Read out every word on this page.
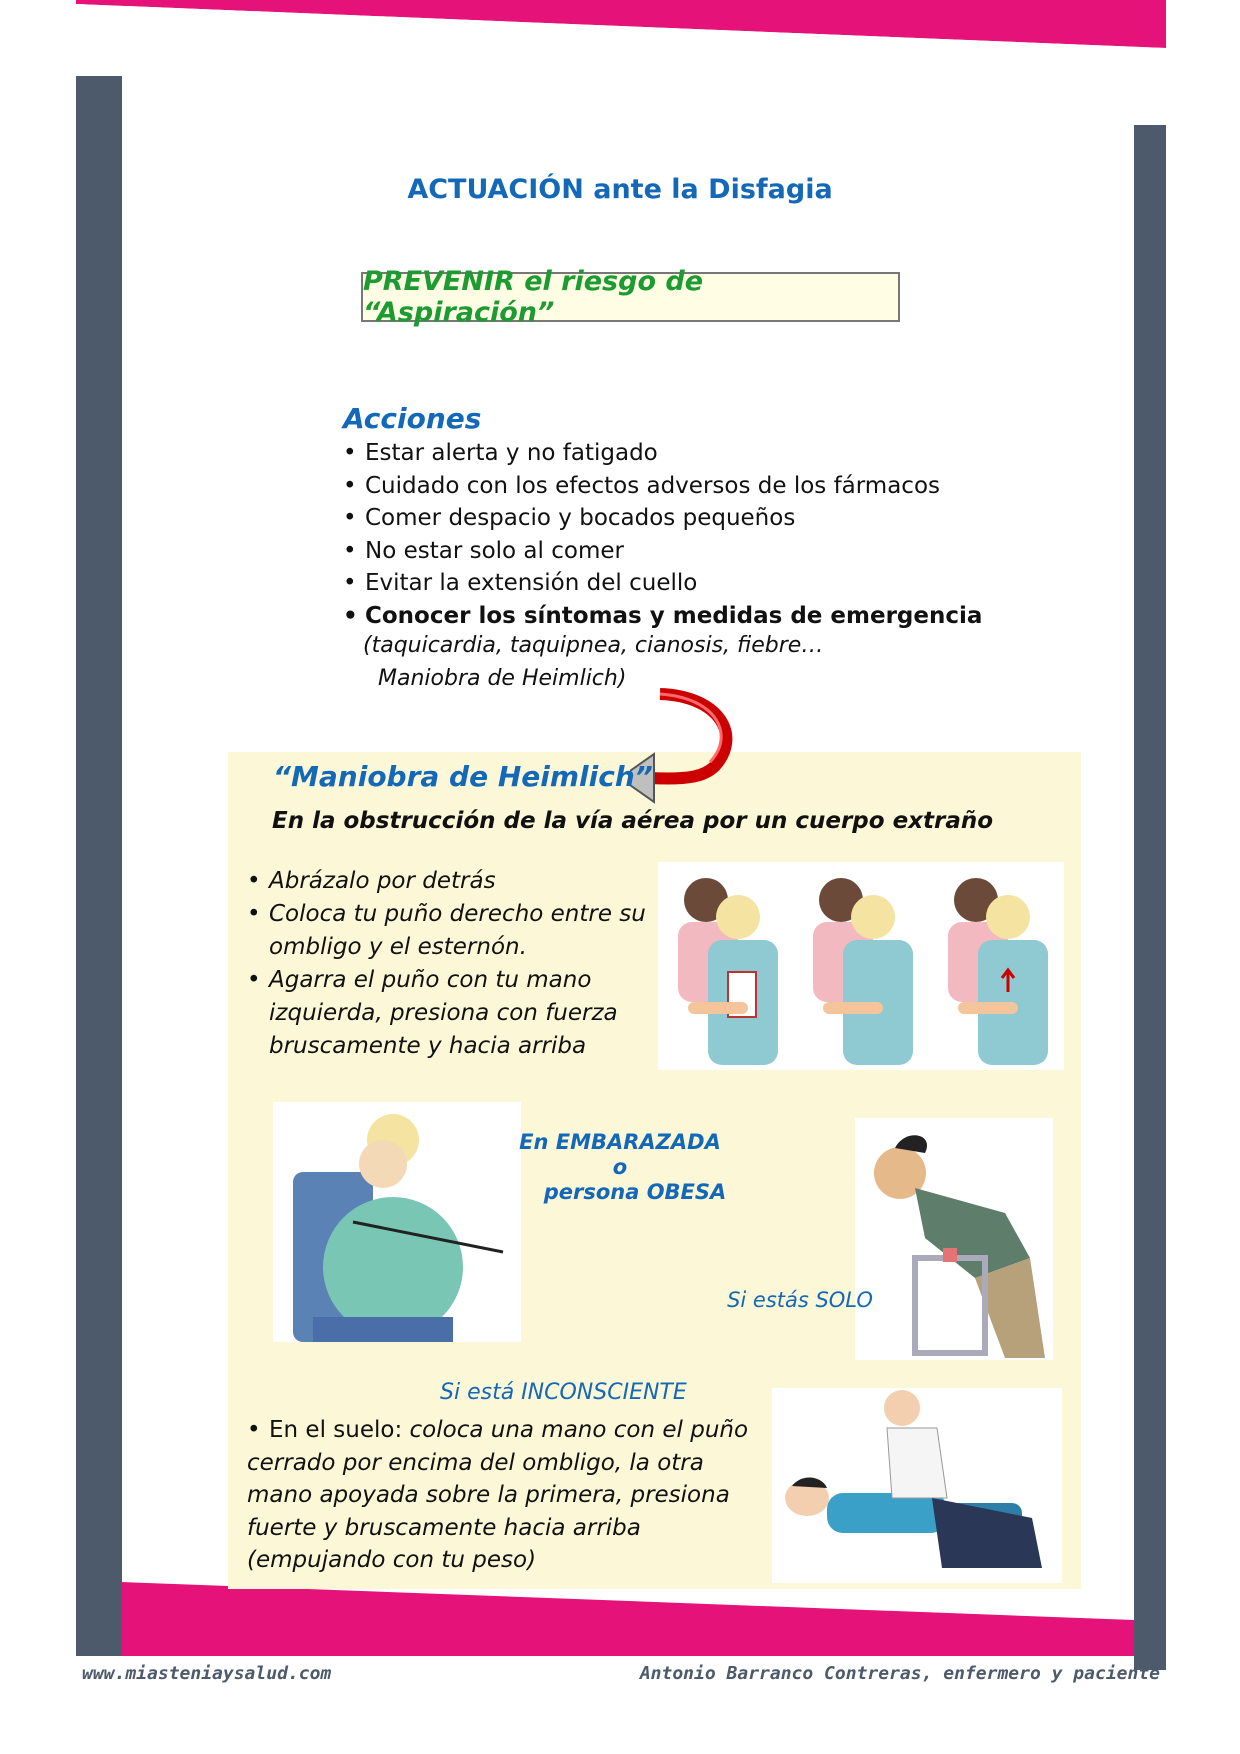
ACTUACIÓN ante la Disfagia
PREVENIR el riesgo de “Aspiración”
Acciones
• Estar alerta y no fatigado
• Cuidado con los efectos adversos de los fármacos
• Comer despacio y bocados pequeños
• No estar solo al comer
• Evitar la extensión del cuello
• Conocer los síntomas y medidas de emergencia
(taquicardia, taquipnea, cianosis, fiebre…
Maniobra de Heimlich)
“Maniobra de Heimlich”
En la obstrucción de la vía aérea por un cuerpo extraño
• Abrázalo por detrás
• Coloca tu puño derecho entre su ombligo y el esternón.
• Agarra el puño con tu mano izquierda, presiona con fuerza bruscamente y hacia arriba
En EMBARAZADA
o
persona OBESA
Si estás SOLO
Si está INCONSCIENTE
• En el suelo: coloca una mano con el puño cerrado por encima del ombligo, la otra mano apoyada sobre la primera, presiona fuerte y bruscamente hacia arriba (empujando con tu peso)
www.miasteniaysalud.com	Antonio Barranco Contreras, enfermero y paciente
